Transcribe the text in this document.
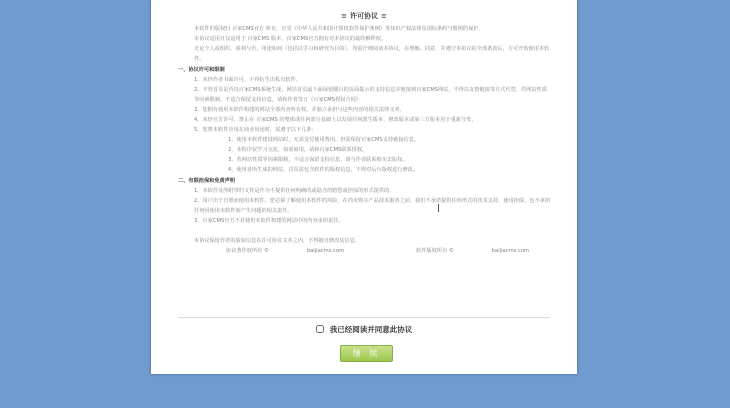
≡ 许可协议 ≡

本软件的版权归 百家CMS官方 所有，且受《中华人民共和国计算机软件保护条例》等知识产权法律及国际条约与惯例的保护。

本协议适用且仅适用于 百家CMS 版本，百家CMS官方拥有对本协议的最终解释权。

无论个人或组织、盈利与否、用途如何（包括以学习和研究为目的），均需仔细阅读本协议，在理解、同意、并遵守本协议的全部条款后，方可开始使用本软件。

一、协议许可和限制

1、未经作者书面许可，不得衍生出私有软件。

2、不管首页是否以百家CMS系统生成，网站首页最下面保留醒目的页面提示的支持信息并链接到百家CMS网站，不得以友情链接等方式代替，若网站性质等因素限制，不适合保留支持信息，请和作者签订《百家CMS授权合同》

3、您拥有使用本软件构建的网站全部内容所有权，并独立承担与这些内容的相关法律义务。

4、未经官方许可，禁止在 百家CMS 的整体或任何部分基础上以发展任何派生版本、修改版本或第三方版本用于重新分发。

5、您将本软件应用在商业用途时，需遵守以下几条：

1、使用本软件建设网站时，无需支付使用费用，但需保留百家CMS支持链接信息。

2、本程序仅学习交流，如需商用，请和百家CMS联系授权。

3、若网站性质等因素限制，不适合保留支持信息，请与作者联系购买去版权。

4、使用者所生成的网站，首页需包含软件的版权信息，不得对后台版权进行修改。

二、有限担保和免责声明

1、本软件及所附带的文件是作为不提供任何明确的或隐含的赔偿或担保的形式提供的。

2、用户出于自愿而使用本软件，您必须了解使用本软件的风险，在尚未购买产品技术服务之前，我们不承诺提供任何形式的技术支持、使用担保，也不承担任何因使用本软件而产生问题的相关责任。

3、百家CMS官方不对使用本软件构建的网站中的内容承担责任。

本协议保留作者的版权信息在许可协议文本之内，不得擅自修改其信息。

协议著作权所有 ©	baijiacms.com	软件版权所有 ©	baijiacms.com

我已经阅读并同意此协议
继 续
